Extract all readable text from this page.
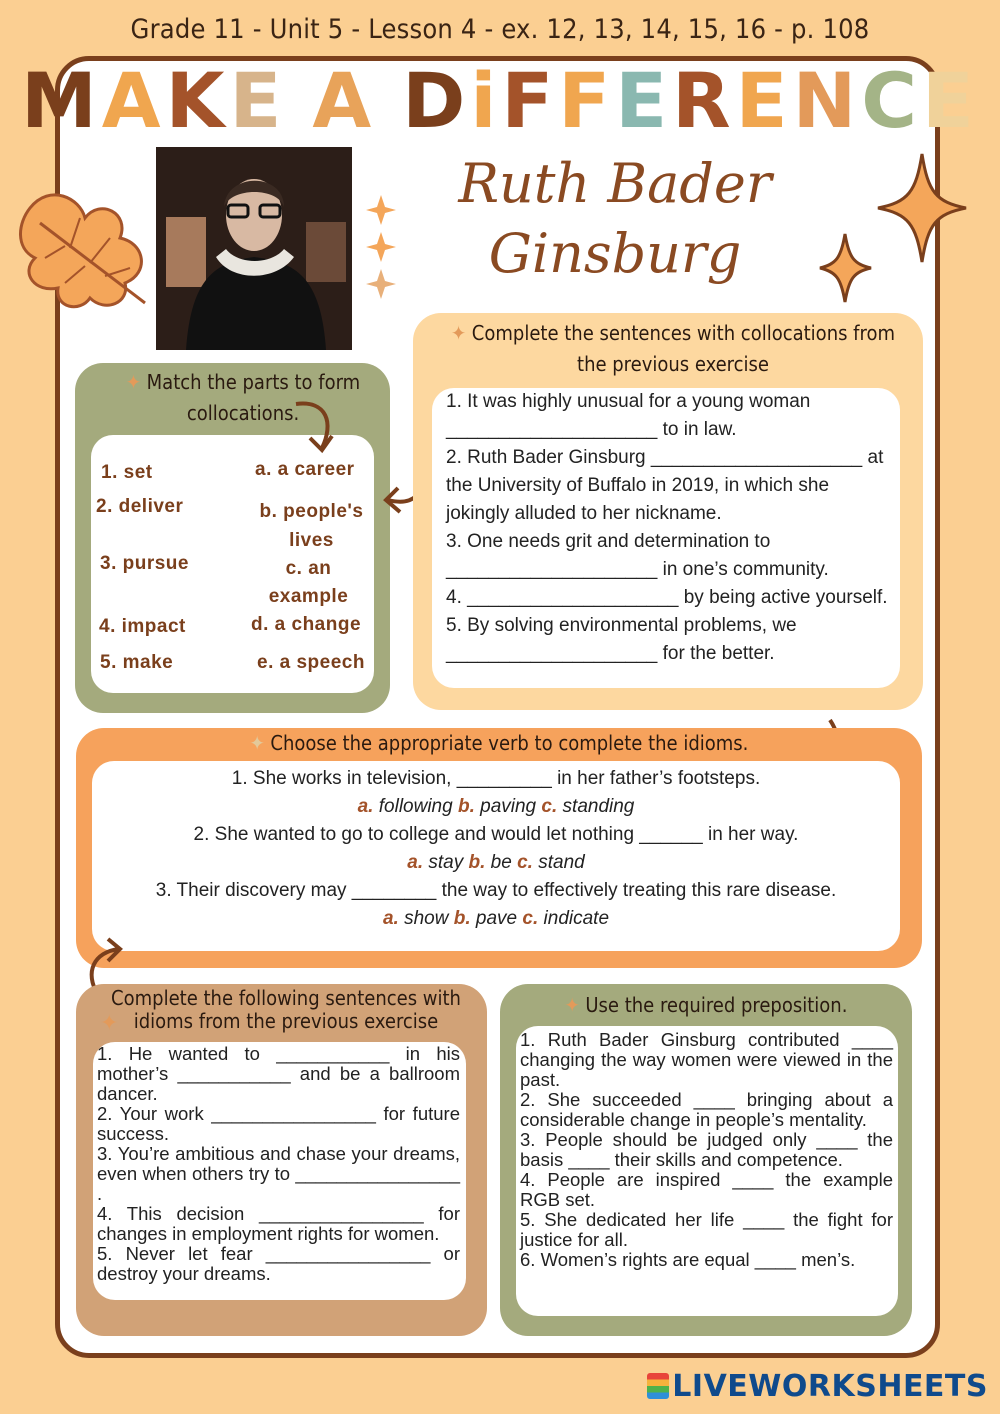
Grade 11 - Unit 5 - Lesson 4 - ex. 12, 13, 14, 15, 16 - p. 108
MAKE A DiFFERENCE
Ruth Bader
Ginsburg
✦ Match the parts to form collocations.
1. set
2. deliver
3. pursue
4. impact
5. make
a. a career
b. people's lives
c. an example
d. a change
e. a speech
✦ Complete the sentences with collocations from the previous exercise
1. It was highly unusual for a young woman ____________________ to in law.
2. Ruth Bader Ginsburg ____________________ at the University of Buffalo in 2019, in which she jokingly alluded to her nickname.
3. One needs grit and determination to ____________________ in one’s community.
4. ____________________ by being active yourself.
5. By solving environmental problems, we ____________________ for the better.
✦ Choose the appropriate verb to complete the idioms.
1. She works in television, _________ in her father’s footsteps.
a. following b. paving c. standing
2. She wanted to go to college and would let nothing ______ in her way.
a. stay b. be c. stand
3. Their discovery may ________ the way to effectively treating this rare disease.
a. show b. pave c. indicate
Complete the following sentences with idioms from the previous exercise
✦
1. He wanted to ___________ in his mother’s ___________ and be a ballroom dancer.
2. Your work ________________ for future success.
3. You’re ambitious and chase your dreams, even when others try to ________________ .
4. This decision ________________ for changes in employment rights for women.
5. Never let fear ________________ or destroy your dreams.
✦ Use the required preposition.
1. Ruth Bader Ginsburg contributed ____ changing the way women were viewed in the past.
2. She succeeded ____ bringing about a considerable change in people’s mentality.
3. People should be judged only ____ the basis ____ their skills and competence.
4. People are inspired ____ the example RGB set.
5. She dedicated her life ____ the fight for justice for all.
6. Women’s rights are equal ____ men’s.
LIVEWORKSHEETS
